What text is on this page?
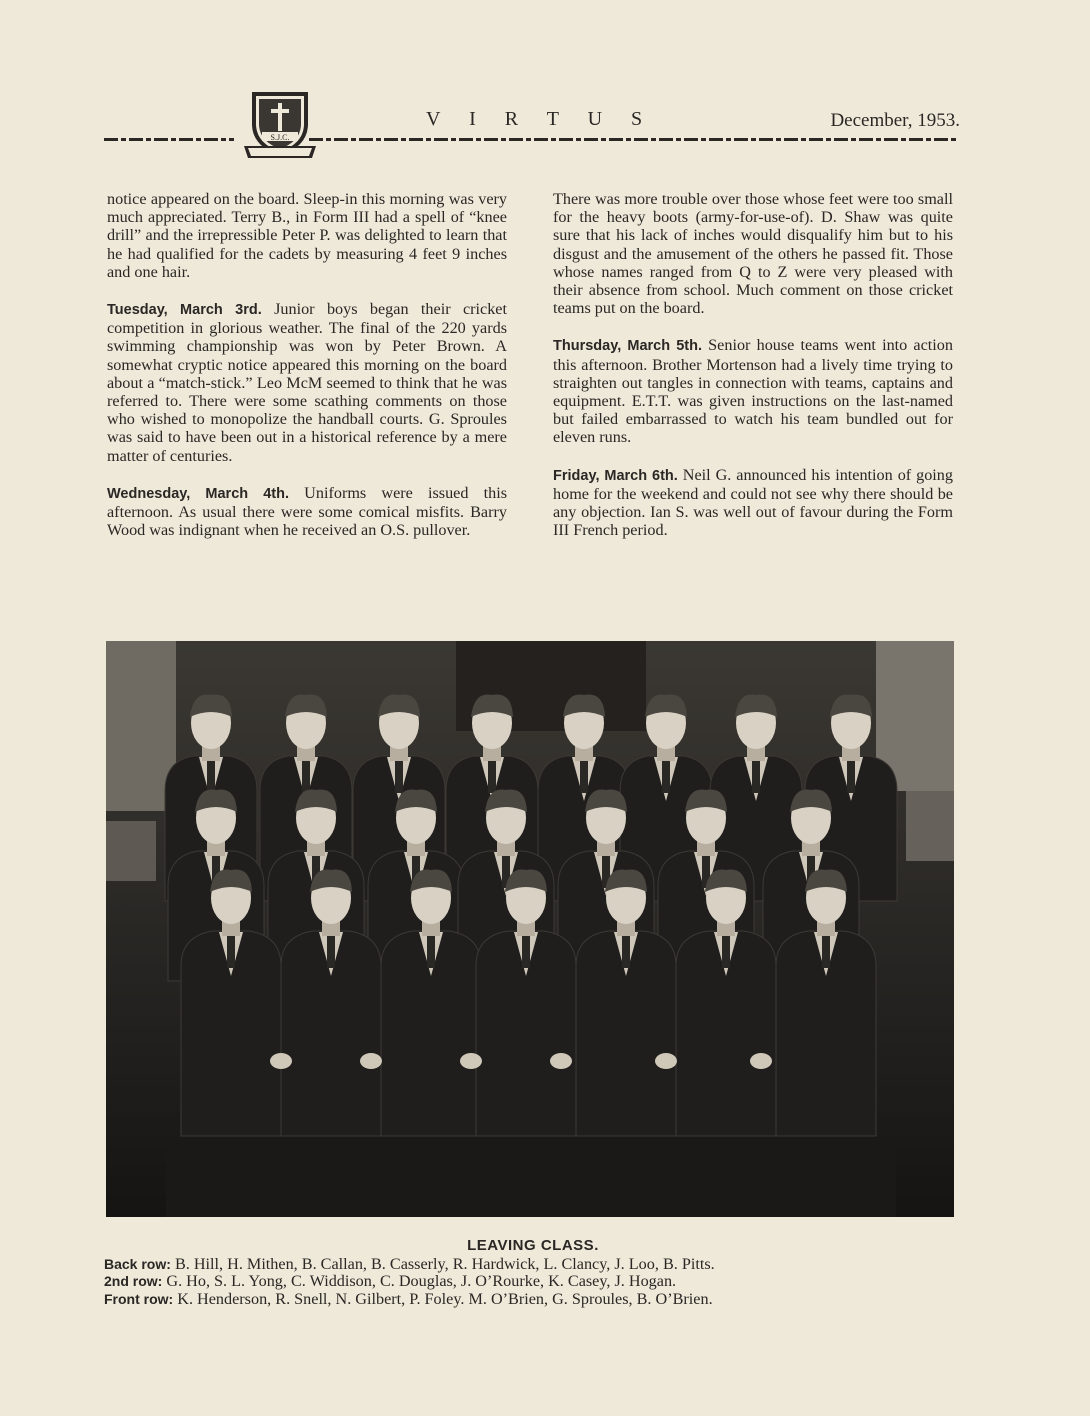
S.J.C.
V I R T U S	December, 1953.

notice appeared on the board. Sleep-in this morning was very much appreciated. Terry B., in Form III had a spell of “knee drill” and the irrepressible Peter P. was delighted to learn that he had qualified for the cadets by measuring 4 feet 9 inches and one hair.

Tuesday, March 3rd. Junior boys began their cricket competition in glorious weather. The final of the 220 yards swimming championship was won by Peter Brown. A somewhat cryptic notice appeared this morning on the board about a “match-stick.” Leo McM seemed to think that he was referred to. There were some scathing comments on those who wished to monopolize the handball courts. G. Sproules was said to have been out in a historical reference by a mere matter of centuries.

Wednesday, March 4th. Uniforms were issued this afternoon. As usual there were some comical misfits. Barry Wood was indignant when he received an O.S. pullover.

There was more trouble over those whose feet were too small for the heavy boots (army-for-use-of). D. Shaw was quite sure that his lack of inches would disqualify him but to his disgust and the amusement of the others he passed fit. Those whose names ranged from Q to Z were very pleased with their absence from school. Much comment on those cricket teams put on the board.

Thursday, March 5th. Senior house teams went into action this afternoon. Brother Mortenson had a lively time trying to straighten out tangles in connection with teams, captains and equipment. E.T.T. was given instructions on the last-named but failed embarrassed to watch his team bundled out for eleven runs.

Friday, March 6th. Neil G. announced his intention of going home for the weekend and could not see why there should be any objection. Ian S. was well out of favour during the Form III French period.

LEAVING CLASS.
Back row: B. Hill, H. Mithen, B. Callan, B. Casserly, R. Hardwick, L. Clancy, J. Loo, B. Pitts.
2nd row: G. Ho, S. L. Yong, C. Widdison, C. Douglas, J. O’Rourke, K. Casey, J. Hogan.
Front row: K. Henderson, R. Snell, N. Gilbert, P. Foley. M. O’Brien, G. Sproules, B. O’Brien.
